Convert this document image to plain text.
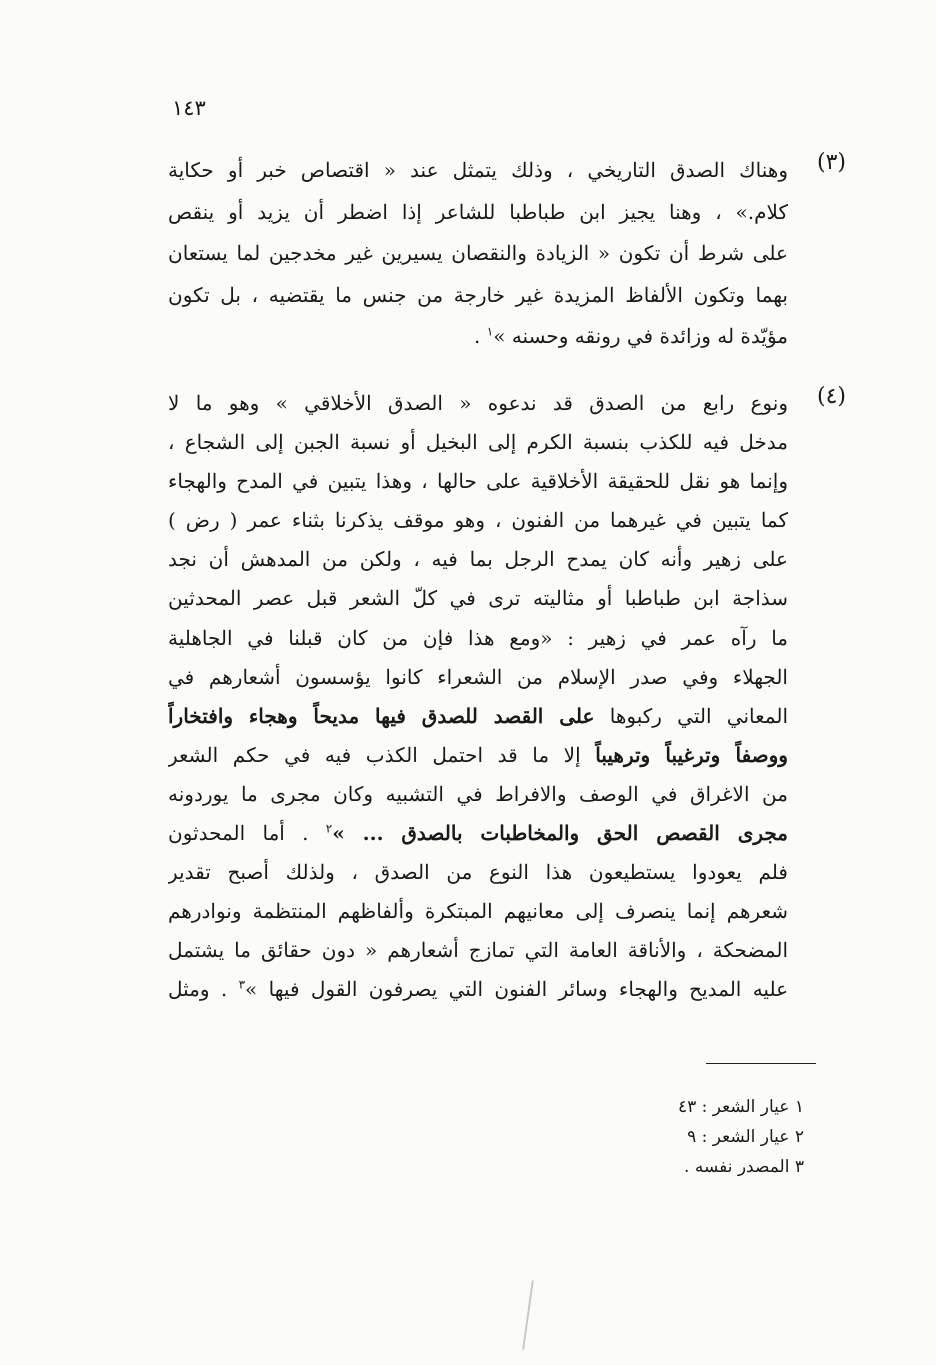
١٤٣
(٣)
وهناك الصدق التاريخي ، وذلك يتمثل عند « اقتصاص خبر أو حكاية
كلام.» ، وهنا يجيز ابن طباطبا للشاعر إذا اضطر أن يزيد أو ينقص
على شرط أن تكون « الزيادة والنقصان يسيرين غير مخدجين لما يستعان
بهما وتكون الألفاظ المزيدة غير خارجة من جنس ما يقتضيه ، بل تكون
مؤيّدة له وزائدة في رونقه وحسنه »$^١$ .
(٤)
ونوع رابع من الصدق قد ندعوه « الصدق الأخلاقي » وهو ما لا
مدخل فيه للكذب بنسبة الكرم إلى البخيل أو نسبة الجبن إلى الشجاع ،
وإنما هو نقل للحقيقة الأخلاقية على حالها ، وهذا يتبين في المدح والهجاء
كما يتبين في غيرهما من الفنون ، وهو موقف يذكرنا بثناء عمر ( رض )
على زهير وأنه كان يمدح الرجل بما فيه ، ولكن من المدهش أن نجد
سذاجة ابن طباطبا أو مثاليته ترى في كلّ الشعر قبل عصر المحدثين
ما رآه عمر في زهير : «ومع هذا فإن من كان قبلنا في الجاهلية
الجهلاء وفي صدر الإسلام من الشعراء كانوا يؤسسون أشعارهم في
المعاني التي ركبوها على القصد للصدق فيها مديحاً وهجاء وافتخاراً
ووصفاً وترغيباً وترهيباً إلا ما قد احتمل الكذب فيه في حكم الشعر
من الاغراق في الوصف والافراط في التشبيه وكان مجرى ما يوردونه
مجرى القصص الحق والمخاطبات بالصدق ... »$^٢$ . أما المحدثون
فلم يعودوا يستطيعون هذا النوع من الصدق ، ولذلك أصبح تقدير
شعرهم إنما ينصرف إلى معانيهم المبتكرة وألفاظهم المنتظمة ونوادرهم
المضحكة ، والأناقة العامة التي تمازج أشعارهم « دون حقائق ما يشتمل
عليه المديح والهجاء وسائر الفنون التي يصرفون القول فيها »$^٣$ . ومثل
١ عيار الشعر : ٤٣
٢ عيار الشعر : ٩
٣ المصدر نفسه .
